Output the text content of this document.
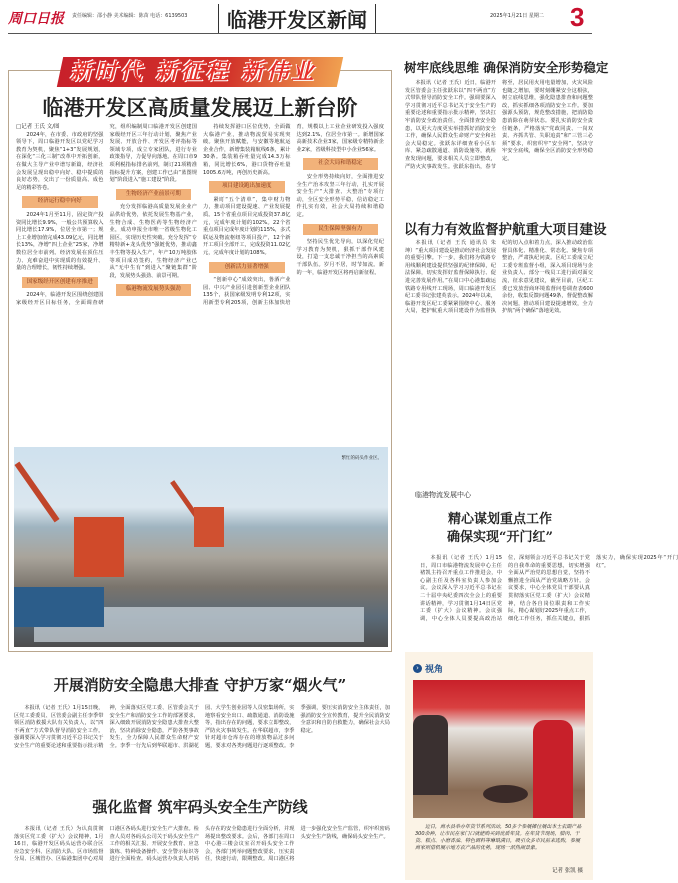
周口日报 责任编辑：邵小静 美术编辑：陈苗 电话：6139503	临港开发区新闻	2025年1月21日 星期二 3
新时代 新征程 新伟业
临港开发区高质量发展迈上新台阶

□记者 王氏 文/图

2024年，在市委、市政府的坚强领导下，周口临港开发区以党纪学习教育为契机，聚焦“1+3”发展规划，在深化“三化三制”改革中开拓创新，在做大主导产业中谱写新篇，经济社会发展呈现出稳中向好、稳中提质的良好态势，交出了一份质量高、成色足的精彩答卷。

经济运行稳中向好

2024年1月至11月，固定资产投资同比增长9.9%，一般公共预算收入同比增长17.9%，位居全市第一；规上工业增加值完成43.09亿元，同比增长13%，净增“四上企业”25家，净增数位居全市前列。经济发展在顶住压力、克难奋进中实现质的有效提升、量的合理增长，韧性持续增强。

国家级经开区创建有序推进

2024年，临港开发区围绕创建国家级经开区目标任务，全面调查研究，组织编制周口临港开发区创建国家级经开区三年行动计划，聚焦产业发展、开放合作、开发区考评指标等领域专项，成立专家团队，进行专业政策指导，力促导向落地。在周口市9项利税指标排名前列，制订21项精准指标提升方案，创建工作已由“蓝图规划”阶段进入“施工建设”阶段。

生物经济产业前景可期

充分发挥临港高质量发展企业产品供给优势，依托发展生物基产业，生物合成、生物医药等生物经济产业，成功申报全市唯一省级生物化工园区，实现历史性突破。充分发挥“专精特新+龙头优势”强链优势，推动鑫丰生物等投入生产，年产10万吨胶体等项目成功签约，生物经济产业已从“无中生有”到进入“聚链集群”阶段，发展势头强劲、前景可期。

临港物流发展势头强劲

持续发挥港口区位优势，全面做大临港产业，推动物流贸易实现突破。聚焦开放赋能，与安徽等地航运企业合作，新增集装箱航线6条，累计30条。集装箱吞吐量完成14.3万标箱，同比增长6%，港口货物吞吐量1005.6万吨，再创历史新高。

项目建设跑出加速度

紧盯“五个清单”，集中财力物力，推动项目建设提速、产业发展提质。15个省重点项目完成投资37.8亿元，完成年度计划的102%。22个省重点项目完成年度计划的115%，多式联运及物流枢纽等项目投产，12个新开工项目全部开工，完成投资11.02亿元，完成年度计划的108%。

创新活力显著增强

“创新中心”成效突出，鲁酒产业园、中兴产业园引进创新型企业团队135个，获国家级发明专利12项，实用新型专利205项，创新主体加快培育，规模以上工业企业研发投入强度达到2.1%，位居全市第一。新增国家高新技术企业3家，国家级专精特新企业2家，省级科技型中小企业56家。

社会大局和谐稳定

安全形势持续向好，全面推进安全生产治本攻坚三年行动，扎实开展安全生产“大排查、大整治”专项行动，全区安全形势平稳，信访稳定工作扎实有效，社会大局持续和谐稳定。

民生保障坚强有力

坚持民生优先导向，以深化党纪学习教育为契机，狠抓干部作风建设，打造一支忠诚干净担当的高素质干部队伍。岁月不居，时节如流。新的一年，临港开发区将再启新征程。

繁忙的码头作业区。
树牢底线思维 确保消防安全形势稳定
本报讯（记者 王氏）近日，临港开发区管委会主任张跃东以“四不两直”方式带队督导消防安全工作。强调要深入学习贯彻习近平总书记关于安全生产的重要论述和重要指示批示精神，坚决扛牢消防安全政治责任，全面排查安全隐患，以更大力度更实举措抓好消防安全工作，确保人民群众生命财产安全和社会大局稳定。张跃东详细查看小区车库、紧急疏散通道、消防设施等，就检查发现问题，要求相关人员立即整改，严防火灾事故发生。张跃东指出，春节将至，居民用火用电量增加，火灾风险也随之增加，要时刻绷紧安全这根弦，树立底线思维，强化隐患排查和问题整改，抓实抓细各项消防安全工作。要加强源头预防，规范整改措施，把消防隐患消除在萌芽状态。要扎实消防安全责任链条，严格落实“党政同责、一岗双责、齐抓共管、失职追责”和“三管三必须”要求，织密织牢“安全网”，坚决守牢安全底线，确保全区消防安全形势稳定。
以有力有效监督护航重大项目建设
本报讯（记者 王氏 通讯员 朱坤）“重大项目建设是推动经济社会发展的重要引擎。下一步，我们将为铁路专用线顺利建设提供坚强的纪律保障，纪法保障，切实发挥好监督保障执行、促进完善发展作用。”在周口中心港集疏运铁路专用线开工现场，周口临港开发区纪工委书记张建英表示。2024年以来，临港开发区纪工委紧紧围绕中心、服务大局，把护航重大项目建设作为监督执纪的切入点和着力点，深入推动政治监督具体化、精准化、常态化。聚焦专项整治，严肃执纪问责。区纪工委成立纪工委专班监督小组，深入项目现场与企业负责人、部分一线员工进行面对面交流，征求意见建议，截至目前，区纪工委已发放营商环境监督问卷调查表600余份，收集反馈问题49条，督促整改解决问题，推动项目建设提速增效，全力护航“两个确保”落地见效。
临港物流发展中心
精心谋划重点工作
确保实现“开门红”
本报讯（记者 王氏）1月15日，周口市临港物流发展中心主任褚凯主持召开重点工作推进会，中心副主任及各科室负责人参加会议。会议深入学习习近平总书记在二十届中央纪委四次全会上的重要讲话精神，学习贯彻1月14日区党工委（扩大）会议精神。会议强调，中心全体人员要提高政治站位，深刻领会习近平总书记关于党的自我革命的重要思想，切实增强全面从严治党的思想自觉，坚持不懈推进全面从严治党战略方针。会议要求，中心全体党员干部要认真贯彻落实区党工委（扩大）会议精神，结合各自岗位职责和工作实际，精心谋划好2025年重点工作，细化工作任务，抓住关键点，狠抓落实力，确保实现2025年“开门红”。
› 视角
近日，商水县举办年货节系列活动，50多个参展摊位展出本土农副产品300余种，让市民在家门口就能购买到优质年货。在年货节现场，腊肉、干货、糕点、小磨香油、特色调料等琳琅满目，吸引众多市民前来选购，参展商家则借机展示地方农产品的优势，现场一派热闹景象。
记者 张凯 摄
开展消防安全隐患大排查 守护万家“烟火气”
本报讯（记者 王氏）1月15日晚，区党工委委员、区管委会副主任李季带领区消防救援大队有关负责人，以“四不两直”方式带队督导消防安全工作。强调要深入学习贯彻习近平总书记关于安全生产的重要论述和重要指示批示精神，全面落实区党工委、区管委会关于安全生产和消防安全工作的部署要求，深入细致开展消防安全隐患大排查大整治，坚决消除安全隐患，严防各类事故发生，全力保障人民群众生命财产安全。李季一行先后到华联超市、洪湖花园、大学生创业园等人员密集场所，实地察看安全出口、疏散通道、消防设施等，指出存在的问题，要求立即整改，严防火灾事故发生。在华联超市，李季针对超市仓库存在的堆放物品过多问题，要求对各类问题进行逐项整改。李季强调，要压实消防安全主体责任，加强消防安全宣传教育，提升全民消防安全意识和自防自救能力，确保社会大局稳定。
强化监督 筑牢码头安全生产防线
本报讯（记者 王氏）为认真贯彻落实区党工委（扩大）会议精神，1月16日，临港开发区码头运营办联合区应急安全科、区消防大队、区市场监督分局、区城管办、区临港集团中心对周口港区各码头进行安全生产大排查。检查人员对各码头公司关于码头安全生产工作的相关汇报、开展安全教育、应急演练、特种设备操作、安全警示标识等进行全面检查。码头运营办负责人对码头存在的安全隐患进行全面分析，并现场提出整改要求。会后，各部门在周口中心港三楼会议室召开码头安全工作会，各部门列举问题整改要求，压实责任，快速行动，限期整改。周口港区将进一步强化安全生产监管，织牢织密码头安全生产防线，确保码头安全生产。
